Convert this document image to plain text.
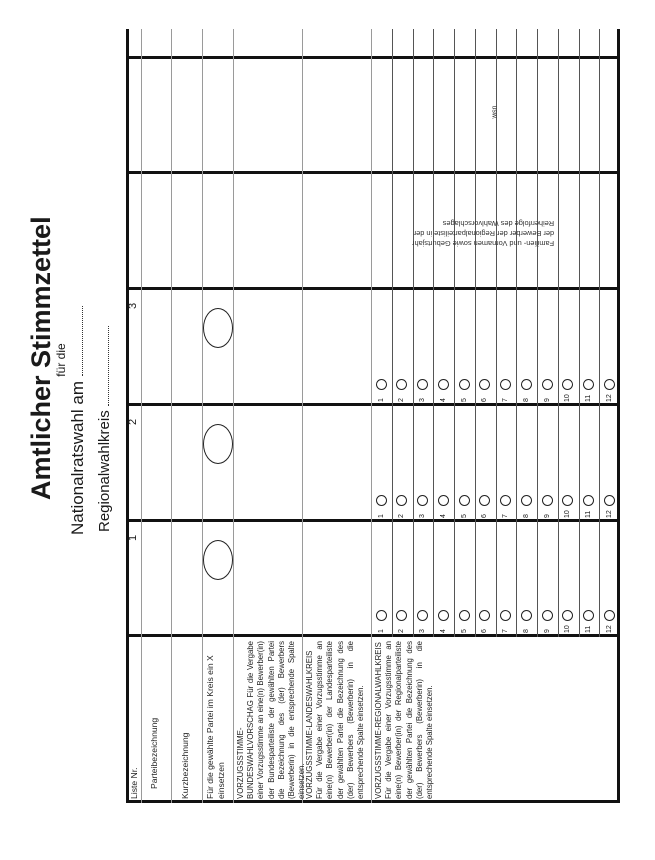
Amtlicher Stimmzettel
für die
Nationalratswahl am Regionalwahlkreis
Liste Nr. Parteibezeichnung Kurzbezeichnung Für die gewählte Partei im Kreis ein X einsetzen VORZUGSSTIMME-BUNDESWAHLVORSCHAG Für die Vergabe einer Vorzugsstimme an eine(n) Bewerber(in) der Bundesparteiliste der gewählten Partei die Bezeichnung des (der) Bewerbers (Bewerberin) in die entsprechende Spalte einsetzen.
VORZUGSSTIMME-LANDESWAHLKREIS Für die Vergabe einer Vorzugsstimme an eine(n) Bewerber(in) der Landesparteiliste der gewählten Partei die Bezeichnung des (der) Bewerbers (Bewerberin) in die entsprechende Spalte einsetzen. VORZUGSSTIMME-REGIONALWAHLKREIS Für die Vergabe einer Vorzugsstimme an eine(n) Bewerber(in) der Regionalparteiliste der gewählten Partei die Bezeichnung des (der) Bewerbers (Bewerberin) in die entsprechende Spalte einsetzen.
1
2
3
1 2 3 4 5 6 7 8 9 10 11 12
1 2 3 4 5 6 7 8 9 10 11 12
1 2 3 4 5 6 7 8 9 10 11 12
Familien- und Vornamen sowie Geburtsjahr
der Bewerber der Regionalparteiliste in der
Reihenfolge des Wahlvorschlages
usw.
